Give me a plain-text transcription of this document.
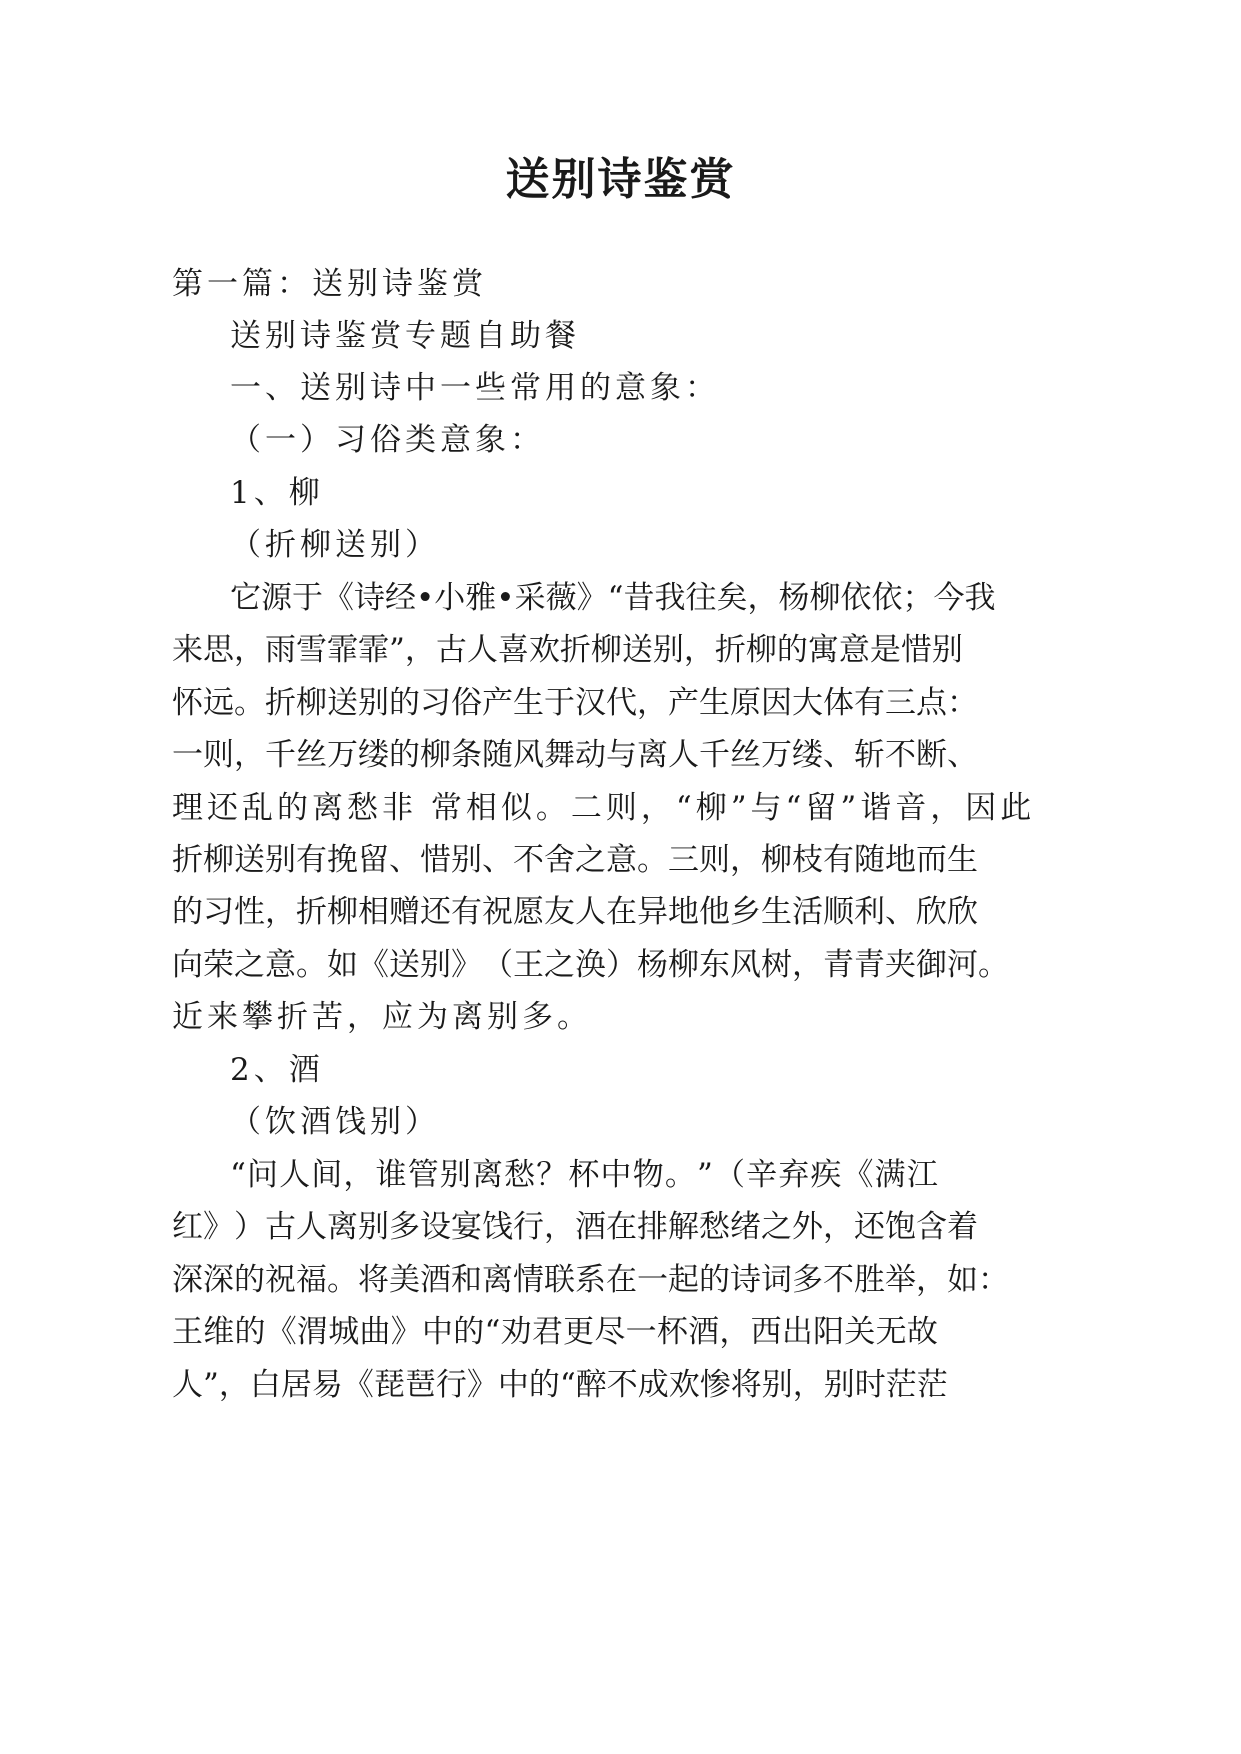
送别诗鉴赏

第一篇：送别诗鉴赏

送别诗鉴赏专题自助餐

一、送别诗中一些常用的意象：

（一）习俗类意象：

1、柳

（折柳送别）

它 源 于 《 诗 经 • 小 雅 • 采 薇 》 “ 昔 我 往 矣 ， 杨 柳 依 依 ； 今 我

来 思 ， 雨 雪 霏 霏 ” ， 古 人 喜 欢 折 柳 送 别 ， 折 柳 的 寓 意 是 惜 别

怀 远 。 折 柳 送 别 的 习 俗 产 生 于 汉 代 ， 产 生 原 因 大 体 有 三 点 ：

一 则 ， 千 丝 万 缕 的 柳 条 随 风 舞 动 与 离 人 千 丝 万 缕 、 斩 不 断 、

理还乱的离愁非 常相似。二则，“柳”与“留”谐音，因此

折 柳 送 别 有 挽 留 、 惜 别 、 不 舍 之 意 。 三 则 ， 柳 枝 有 随 地 而 生

的 习 性 ， 折 柳 相 赠 还 有 祝 愿 友 人 在 异 地 他 乡 生 活 顺 利 、 欣 欣

向 荣 之 意 。 如 《 送 别 》 （ 王 之 涣 ） 杨 柳 东 风 树 ， 青 青 夹 御 河 。

近来攀折苦，应为离别多。

2、酒

（饮酒饯别）

“ 问 人 间 ， 谁 管 别 离 愁 ？ 杯 中 物 。 ” （ 辛 弃 疾 《 满 江

红 》 ） 古 人 离 别 多 设 宴 饯 行 ， 酒 在 排 解 愁 绪 之 外 ， 还 饱 含 着

深 深 的 祝 福 。 将 美 酒 和 离 情 联 系 在 一 起 的 诗 词 多 不 胜 举 ， 如 ：

王 维 的 《 渭 城 曲 》 中 的 “ 劝 君 更 尽 一 杯 酒 ， 西 出 阳 关 无 故

人 ” ， 白 居 易 《 琵 琶 行 》 中 的 “ 醉 不 成 欢 惨 将 别 ， 别 时 茫 茫
